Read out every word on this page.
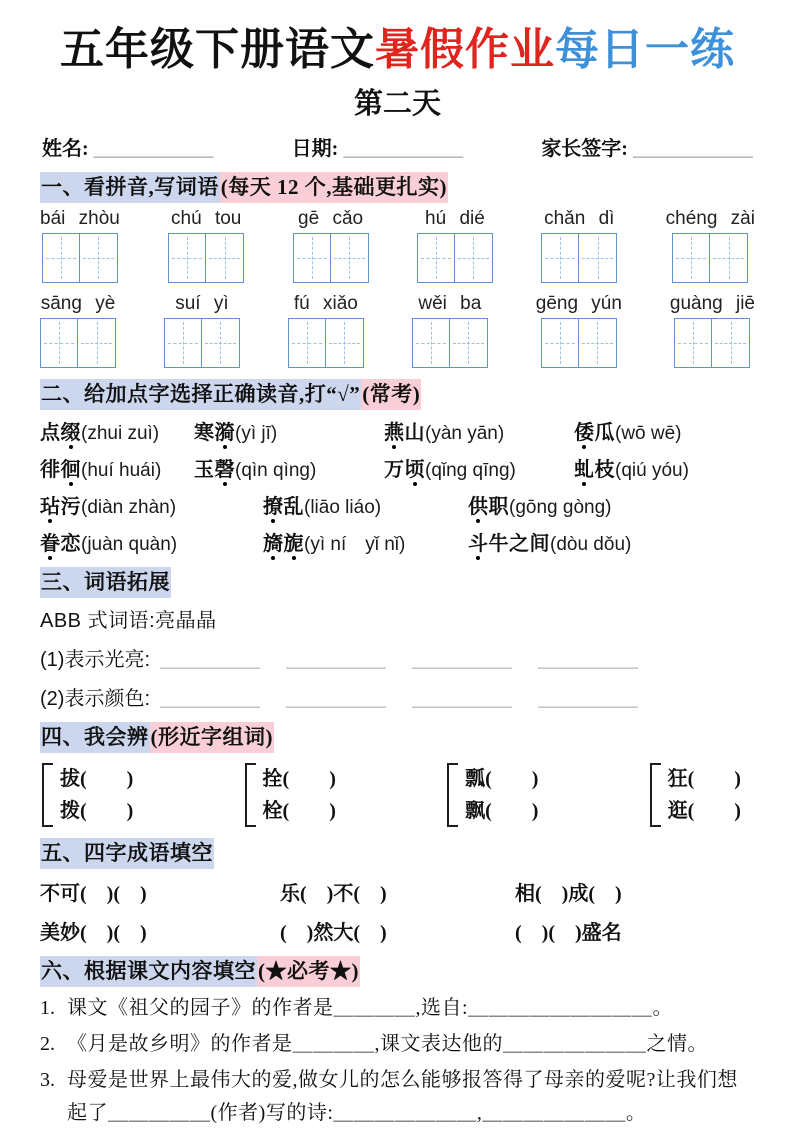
五年级下册语文暑假作业每日一练
第二天
姓名: ＿＿＿＿＿＿	日期: ＿＿＿＿＿＿	家长签字: ＿＿＿＿＿＿
一、看拼音,写词语(每天 12 个,基础更扎实)
bái zhòu	chú tou	gē cǎo	hú dié	chǎn dì	chéng zài
sāng yè	suí yì	fú xiǎo	wěi ba	gēng yún	guàng jiē
二、给加点字选择正确读音,打“√”(常考)
点缀(zhui zuì)	寒漪(yì jī)	燕山(yàn yān)	倭瓜(wō wē)
徘徊(huí huái)	玉磬(qìn qìng)	万顷(qǐng qīng)	虬枝(qiú yóu)
玷污(diàn zhàn)	撩乱(liāo liáo)	供职(gōng gòng)
眷恋(juàn quàn)	旖旎(yì ní　yǐ nǐ)	斗牛之间(dòu dǒu)
三、词语拓展
ABB 式词语:亮晶晶
(1)表示光亮: ＿＿＿＿＿ ＿＿＿＿＿ ＿＿＿＿＿ ＿＿＿＿＿
(2)表示颜色: ＿＿＿＿＿ ＿＿＿＿＿ ＿＿＿＿＿ ＿＿＿＿＿
四、我会辨(形近字组词)
拔(　　)
拨(　　)
拴(　　)
栓(　　)
瓢(　　)
飘(　　)
狂(　　)
逛(　　)
五、四字成语填空
不可(　)(　)	乐(　)不(　)	相(　)成(　)
美妙(　)(　)	(　)然大(　)	(　)(　)盛名
六、根据课文内容填空(★必考★)
1. 课文《祖父的园子》的作者是＿＿＿＿,选自:＿＿＿＿＿＿＿＿＿。
2. 《月是故乡明》的作者是＿＿＿＿,课文表达他的＿＿＿＿＿＿＿之情。
3. 母爱是世界上最伟大的爱,做女儿的怎么能够报答得了母亲的爱呢?让我们想起了＿＿＿＿＿(作者)写的诗:＿＿＿＿＿＿＿,＿＿＿＿＿＿＿。
